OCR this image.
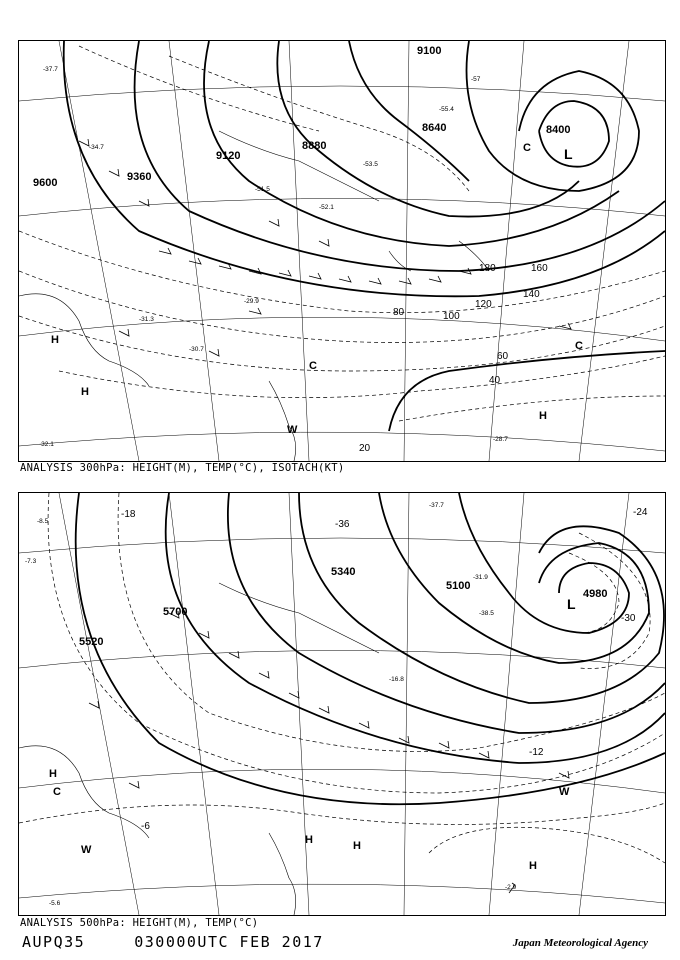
9600	9360
9120
8880
8640	8400
9100
20
40
60
80	100
120
140
160
180
-37.7
-34.7
-29.9
-31.3
-30.7
-32.1
-51.5
-52.1
-53.5
-57
-55.4
-28.7
L
H
H
H
C
C
C
W
ANALYSIS 300hPa: HEIGHT(M), TEMP(°C), ISOTACH(KT)
5700
5340
5100
4980
5520
-18
-12
-6
-24
-30
-36
-8.5
-7.3
-2.9
-37.7
-31.9
-38.5
-16.8
-5.6
L
H
H	H
H
C
W
W
ANALYSIS 500hPa: HEIGHT(M), TEMP(°C)
AUPQ35	030000UTC FEB 2017	Japan Meteorological Agency
